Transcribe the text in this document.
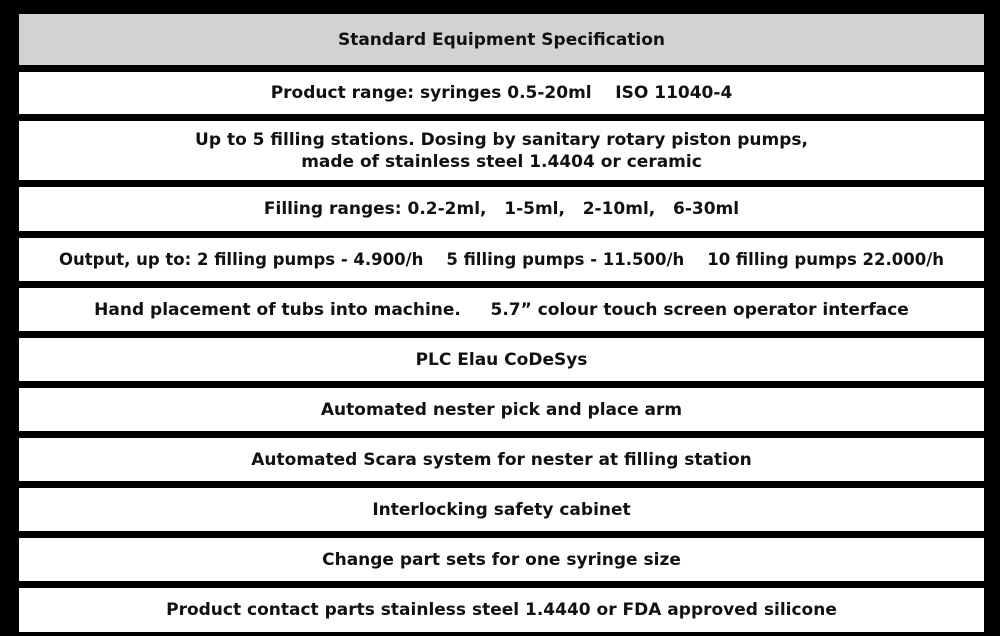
Standard Equipment Specification
Product range: syringes 0.5-20ml    ISO 11040-4
Up to 5 filling stations. Dosing by sanitary rotary piston pumps,
made of stainless steel 1.4404 or ceramic
Filling ranges: 0.2-2ml,   1-5ml,   2-10ml,   6-30ml
Output, up to: 2 filling pumps - 4.900/h    5 filling pumps - 11.500/h    10 filling pumps 22.000/h
Hand placement of tubs into machine.     5.7” colour touch screen operator interface
PLC Elau CoDeSys
Automated nester pick and place arm
Automated Scara system for nester at filling station
Interlocking safety cabinet
Change part sets for one syringe size
Product contact parts stainless steel 1.4440 or FDA approved silicone
